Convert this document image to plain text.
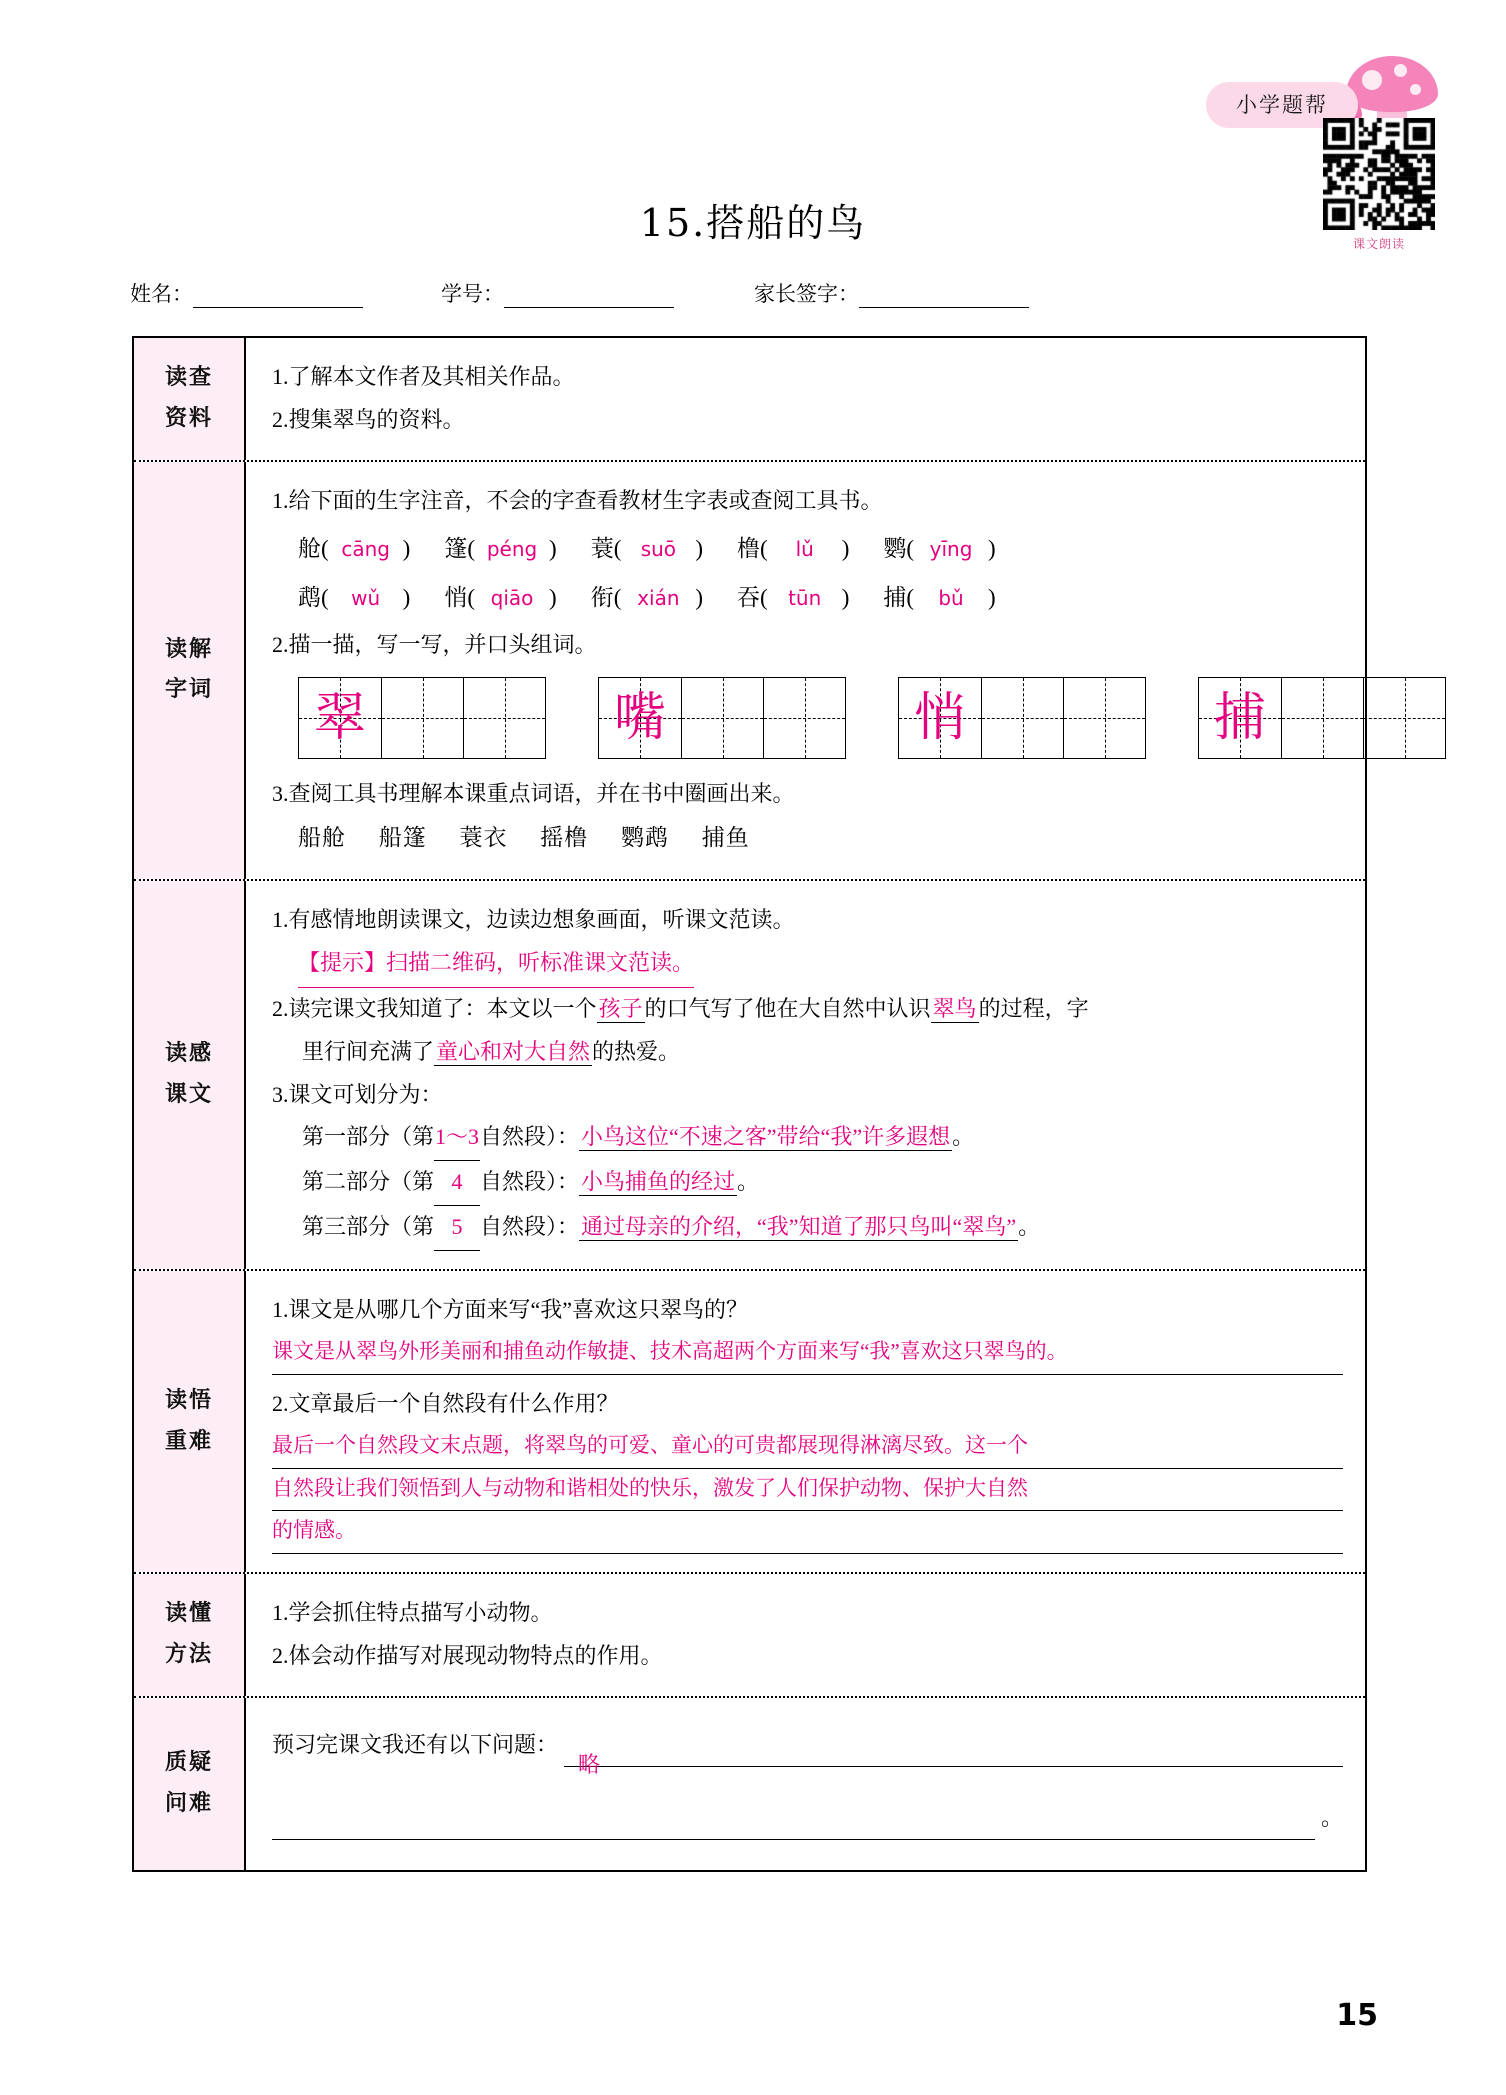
小学题帮
课文朗读
15.搭船的鸟
姓名：	学号：	家长签字：
读查
资料
1.了解本文作者及其相关作品。
2.搜集翠鸟的资料。
读解
字词
1.给下面的生字注音，不会的字查看教材生字表或查阅工具书。
舱 ( cāng ) 篷 ( péng ) 蓑 ( suō ) 橹 (	lǔ	) 鹦 ( yīng )
鹉 (	wǔ ) 悄 ( qiāo ) 衔 ( xián ) 吞 (	tūn ) 捕 (	bǔ	)
2.描一描，写一写，并口头组词。
翠	嘴	悄	捕
3.查阅工具书理解本课重点词语，并在书中圈画出来。
船舱 船篷 蓑衣 摇橹 鹦鹉 捕鱼
读感
课文
1.有感情地朗读课文，边读边想象画面，听课文范读。
【提示】扫描二维码，听标准课文范读。
2.读完课文我知道了：本文以一个孩子的口气写了他在大自然中认识翠鸟的过程，字
里行间充满了童心和对大自然的热爱。
3.课文可划分为：
第一部分（第1～3自然段）：小鸟这位“不速之客”带给“我”许多遐想。
第二部分（第 4 自然段）：小鸟捕鱼的经过。
第三部分（第 5 自然段）：通过母亲的介绍，“我”知道了那只鸟叫“翠鸟”。
读悟
重难
1.课文是从哪几个方面来写“我”喜欢这只翠鸟的？
课文是从翠鸟外形美丽和捕鱼动作敏捷、技术高超两个方面来写“我”喜欢这只翠鸟的。
2.文章最后一个自然段有什么作用？
最后一个自然段文末点题，将翠鸟的可爱、童心的可贵都展现得淋漓尽致。这一个
自然段让我们领悟到人与动物和谐相处的快乐，激发了人们保护动物、保护大自然
的情感。
读懂
方法
1.学会抓住特点描写小动物。
2.体会动作描写对展现动物特点的作用。
质疑
问难
预习完课文我还有以下问题：
略
。
15
